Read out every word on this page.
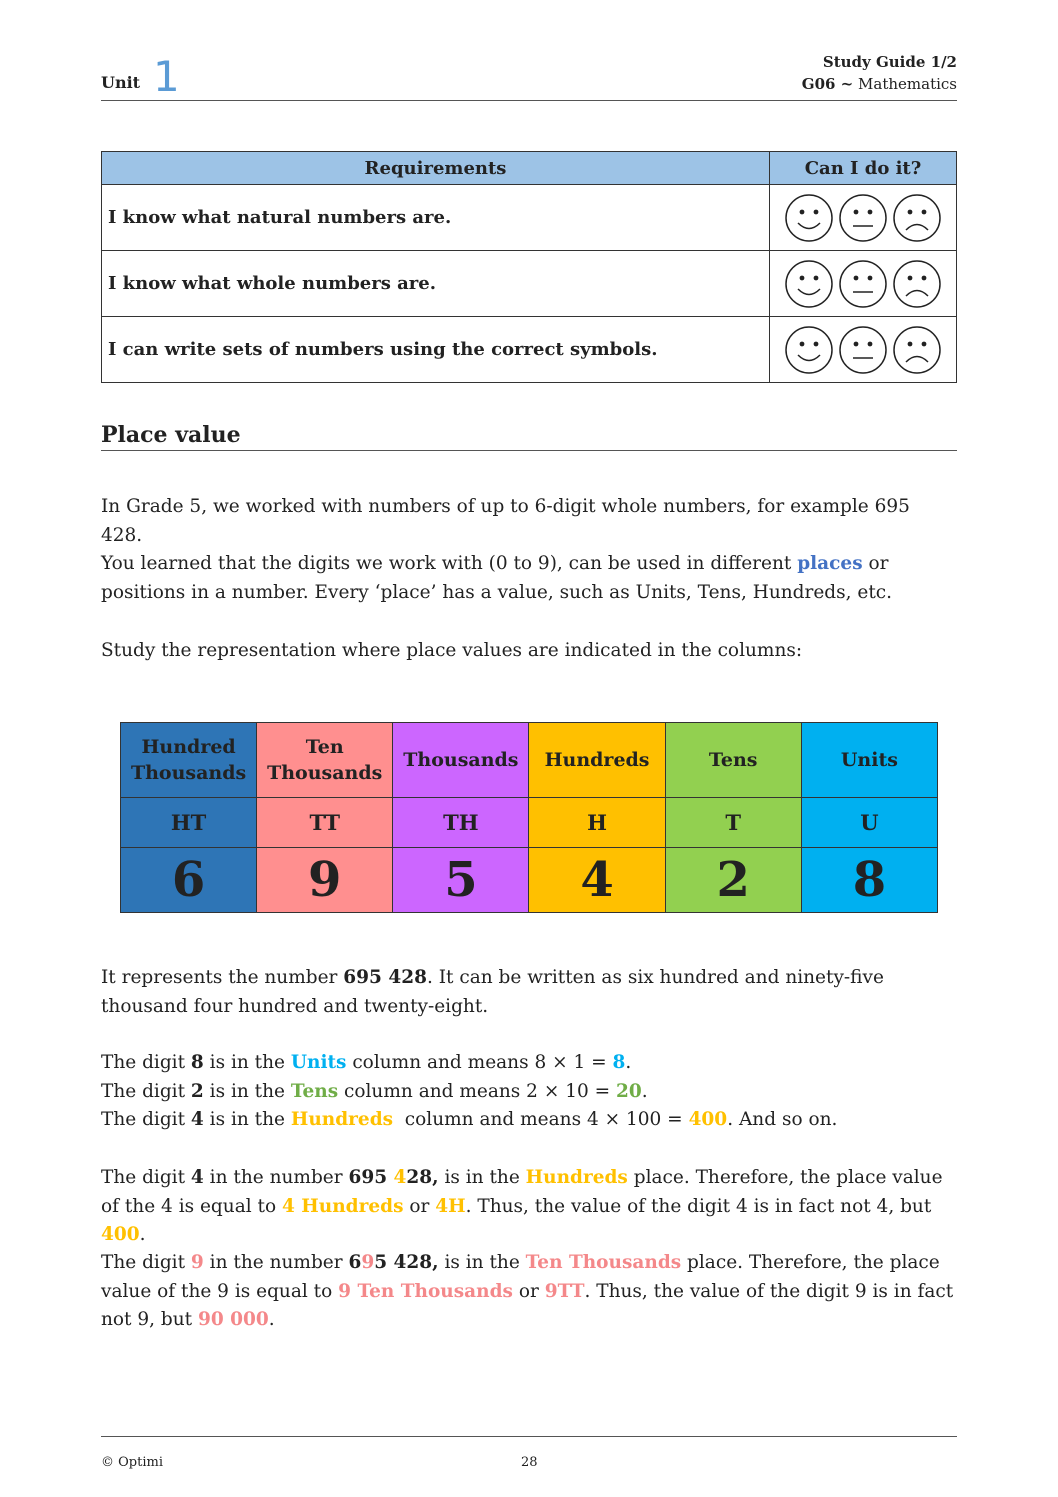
Unit 1	Study Guide 1/2
G06 ~ Mathematics
Requirements	Can I do it?
I know what natural numbers are.	
I know what whole numbers are.	
I can write sets of numbers using the correct symbols.	
Place value

In Grade 5, we worked with numbers of up to 6-digit whole numbers, for example 695 428.

You learned that the digits we work with (0 to 9), can be used in different places or positions in a number. Every ‘place’ has a value, such as Units, Tens, Hundreds, etc.

Study the representation where place values are indicated in the columns:

Hundred Thousands	Ten Thousands	Thousands	Hundreds	Tens	Units
HT	TT	TH	H	T	U
6	9	5	4	2	8

It represents the number 695 428. It can be written as six hundred and ninety-five thousand four hundred and twenty-eight.

The digit 8 is in the Units column and means 8 × 1 = 8.
The digit 2 is in the Tens column and means 2 × 10 = 20.
The digit 4 is in the Hundreds  column and means 4 × 100 = 400. And so on.

The digit 4 in the number 695 428, is in the Hundreds place. Therefore, the place value of the 4 is equal to 4 Hundreds or 4H. Thus, the value of the digit 4 is in fact not 4, but 400.

The digit 9 in the number 695 428, is in the Ten Thousands place. Therefore, the place value of the 9 is equal to 9 Ten Thousands or 9TT. Thus, the value of the digit 9 is in fact not 9, but 90 000.

© Optimi	28
